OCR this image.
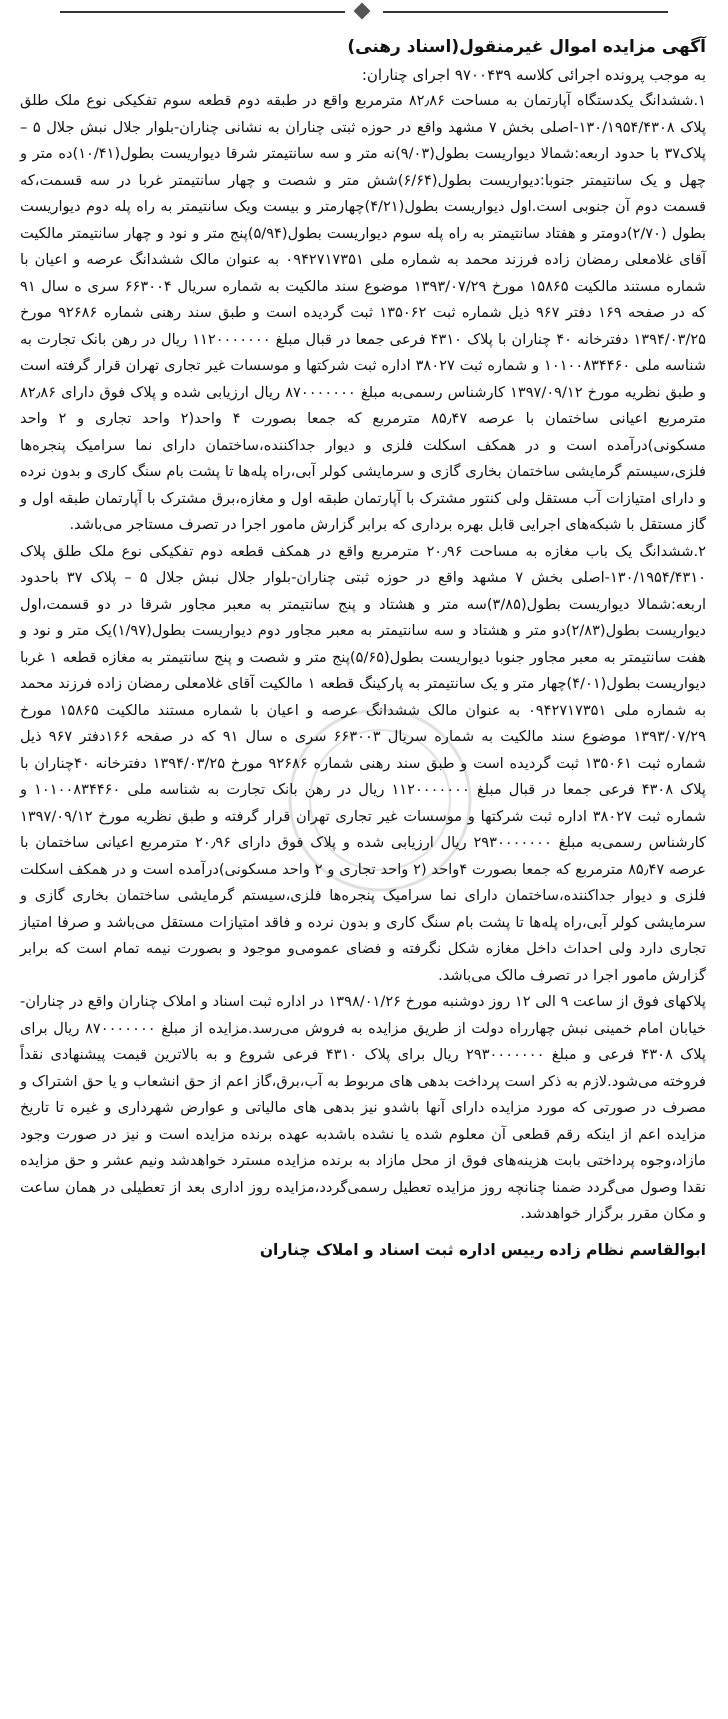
آگهی مزایده اموال غیرمنقول(اسناد رهنی)
به موجب پرونده اجرائی کلاسه ۹۷۰۰۴۳۹ اجرای چناران:

۱.ششدانگ یکدستگاه آپارتمان به مساحت ۸۲٫۸۶ مترمربع واقع در طبقه دوم قطعه سوم تفکیکی نوع ملک طلق پلاک ۱۳۰/۱۹۵۴/۴۳۰۸-اصلی بخش ۷ مشهد واقع در حوزه ثبتی چناران به نشانی چناران-بلوار جلال نبش جلال ۵ –پلاک۳۷ با حدود اربعه:شمالا دیواریست بطول(۹/۰۳)نه متر و سه سانتیمتر شرقا دیواریست بطول(۱۰/۴۱)ده متر و چهل و یک سانتیمتر جنوبا:دیواریست بطول(۶/۶۴)شش متر و شصت و چهار سانتیمتر غربا در سه قسمت،که قسمت دوم آن جنوبی است.اول دیواریست بطول(۴/۲۱)چهارمتر و بیست ویک سانتیمتر به راه پله دوم دیواریست بطول (۲/۷۰)دومتر و هفتاد سانتیمتر به راه پله سوم دیواریست بطول(۵/۹۴)پنج متر و نود و چهار سانتیمتر مالکیت آقای غلامعلی رمضان زاده فرزند محمد به شماره ملی ۰۹۴۲۷۱۷۳۵۱ به عنوان مالک ششدانگ عرصه و اعیان با شماره مستند مالکیت ۱۵۸۶۵ مورخ ۱۳۹۳/۰۷/۲۹ موضوع سند مالکیت به شماره سریال ۶۶۳۰۰۴ سری ه سال ۹۱ که در صفحه ۱۶۹ دفتر ۹۶۷ ذیل شماره ثبت ۱۳۵۰۶۲ ثبت گردیده است و طبق سند رهنی شماره ۹۲۶۸۶ مورخ ۱۳۹۴/۰۳/۲۵ دفترخانه ۴۰ چناران با پلاک ۴۳۱۰ فرعی جمعا در قبال مبلغ ۱۱۲۰۰۰۰۰۰۰ ریال در رهن بانک تجارت به شناسه ملی ۱۰۱۰۰۸۳۴۴۶۰ و شماره ثبت ۳۸۰۲۷ اداره ثبت شرکتها و موسسات غیر تجاری تهران قرار گرفته است و طبق نظریه مورخ ۱۳۹۷/۰۹/۱۲ کارشناس رسمی‌به مبلغ ۸۷۰۰۰۰۰۰۰ ریال ارزیابی شده و پلاک فوق دارای ۸۲٫۸۶ مترمربع اعیانی ساختمان با عرصه ۸۵٫۴۷ مترمربع که جمعا بصورت ۴ واحد(۲ واحد تجاری و ۲ واحد مسکونی)درآمده است و در همکف اسکلت فلزی و دیوار جداکننده،ساختمان دارای نما سرامیک پنجره‌ها فلزی،سیستم گرمایشی ساختمان بخاری گازی و سرمایشی کولر آبی،راه پله‌ها تا پشت بام سنگ کاری و بدون نرده و دارای امتیازات آب مستقل ولی کنتور مشترک با آپارتمان طبقه اول و مغازه،برق مشترک با آپارتمان طبقه اول و گاز مستقل با شبکه‌های اجرایی قابل بهره برداری که برابر گزارش مامور اجرا در تصرف مستاجر می‌باشد.

۲.ششدانگ یک باب مغازه به مساحت ۲۰٫۹۶ مترمربع واقع در همکف قطعه دوم تفکیکی نوع ملک طلق پلاک ۱۳۰/۱۹۵۴/۴۳۱۰-اصلی بخش ۷ مشهد واقع در حوزه ثبتی چناران-بلوار جلال نبش جلال ۵ – پلاک ۳۷ باحدود اربعه:شمالا دیواریست بطول(۳/۸۵)سه متر و هشتاد و پنج سانتیمتر به معبر مجاور شرقا در دو قسمت،اول دیواریست بطول(۲/۸۳)دو متر و هشتاد و سه سانتیمتر به معبر مجاور دوم دیواریست بطول(۱/۹۷)یک متر و نود و هفت سانتیمتر به معبر مجاور جنوبا دیواریست بطول(۵/۶۵)پنج متر و شصت و پنج سانتیمتر به مغازه قطعه ۱ غربا دیواریست بطول(۴/۰۱)چهار متر و یک سانتیمتر به پارکینگ قطعه ۱ مالکیت آقای غلامعلی رمضان زاده فرزند محمد به شماره ملی ۰۹۴۲۷۱۷۳۵۱ به عنوان مالک ششدانگ عرصه و اعیان با شماره مستند مالکیت ۱۵۸۶۵ مورخ ۱۳۹۳/۰۷/۲۹ موضوع سند مالکیت به شماره سریال ۶۶۳۰۰۳ سری ه سال ۹۱ که در صفحه ۱۶۶دفتر ۹۶۷ ذیل شماره ثبت ۱۳۵۰۶۱ ثبت گردیده است و طبق سند رهنی شماره ۹۲۶۸۶ مورخ ۱۳۹۴/۰۳/۲۵ دفترخانه ۴۰چناران با پلاک ۴۳۰۸ فرعی جمعا در قبال مبلغ ۱۱۲۰۰۰۰۰۰۰ ریال در رهن بانک تجارت به شناسه ملی ۱۰۱۰۰۸۳۴۴۶۰ و شماره ثبت ۳۸۰۲۷ اداره ثبت شرکتها و موسسات غیر تجاری تهران قرار گرفته و طبق نظریه مورخ ۱۳۹۷/۰۹/۱۲ کارشناس رسمی‌به مبلغ ۲۹۳۰۰۰۰۰۰۰ ریال ارزیابی شده و پلاک فوق دارای ۲۰٫۹۶ مترمربع اعیانی ساختمان با عرصه ۸۵٫۴۷ مترمربع که جمعا بصورت ۴واحد (۲ واحد تجاری و ۲ واحد مسکونی)درآمده است و در همکف اسکلت فلزی و دیوار جداکننده،ساختمان دارای نما سرامیک پنجره‌ها فلزی،سیستم گرمایشی ساختمان بخاری گازی و سرمایشی کولر آبی،راه پله‌ها تا پشت بام سنگ کاری و بدون نرده و فاقد امتیازات مستقل می‌باشد و صرفا امتیاز تجاری دارد ولی احداث داخل مغازه شکل نگرفته و فضای عمومی‌و موجود و بصورت نیمه تمام است که برابر گزارش مامور اجرا در تصرف مالک می‌باشد.

پلاکهای فوق از ساعت ۹ الی ۱۲ روز دوشنبه مورخ ۱۳۹۸/۰۱/۲۶ در اداره ثبت اسناد و املاک چناران واقع در چناران-خیابان امام خمینی نبش چهارراه دولت از طریق مزایده به فروش می‌رسد.مزایده از مبلغ ۸۷۰۰۰۰۰۰۰ ریال برای پلاک ۴۳۰۸ فرعی و مبلغ ۲۹۳۰۰۰۰۰۰۰ ریال برای پلاک ۴۳۱۰ فرعی شروع و به بالاترین قیمت پیشنهادی نقداً فروخته می‌شود.لازم به ذکر است پرداخت بدهی های مربوط به آب،برق،گاز اعم از حق انشعاب و یا حق اشتراک و مصرف در صورتی که مورد مزایده دارای آنها باشدو نیز بدهی های مالیاتی و عوارض شهرداری و غیره تا تاریخ مزایده اعم از اینکه رقم قطعی آن معلوم شده یا نشده باشدبه عهده برنده مزایده است و نیز در صورت وجود مازاد،وجوه پرداختی بابت هزینه‌های فوق از محل مازاد به برنده مزایده مسترد خواهدشد ونیم عشر و حق مزایده نقدا وصول می‌گردد ضمنا چنانچه روز مزایده تعطیل رسمی‌گردد،مزایده روز اداری بعد از تعطیلی در همان ساعت و مکان مقرر برگزار خواهدشد.

ابوالقاسم نظام زاده رییس اداره ثبت اسناد و املاک چناران
